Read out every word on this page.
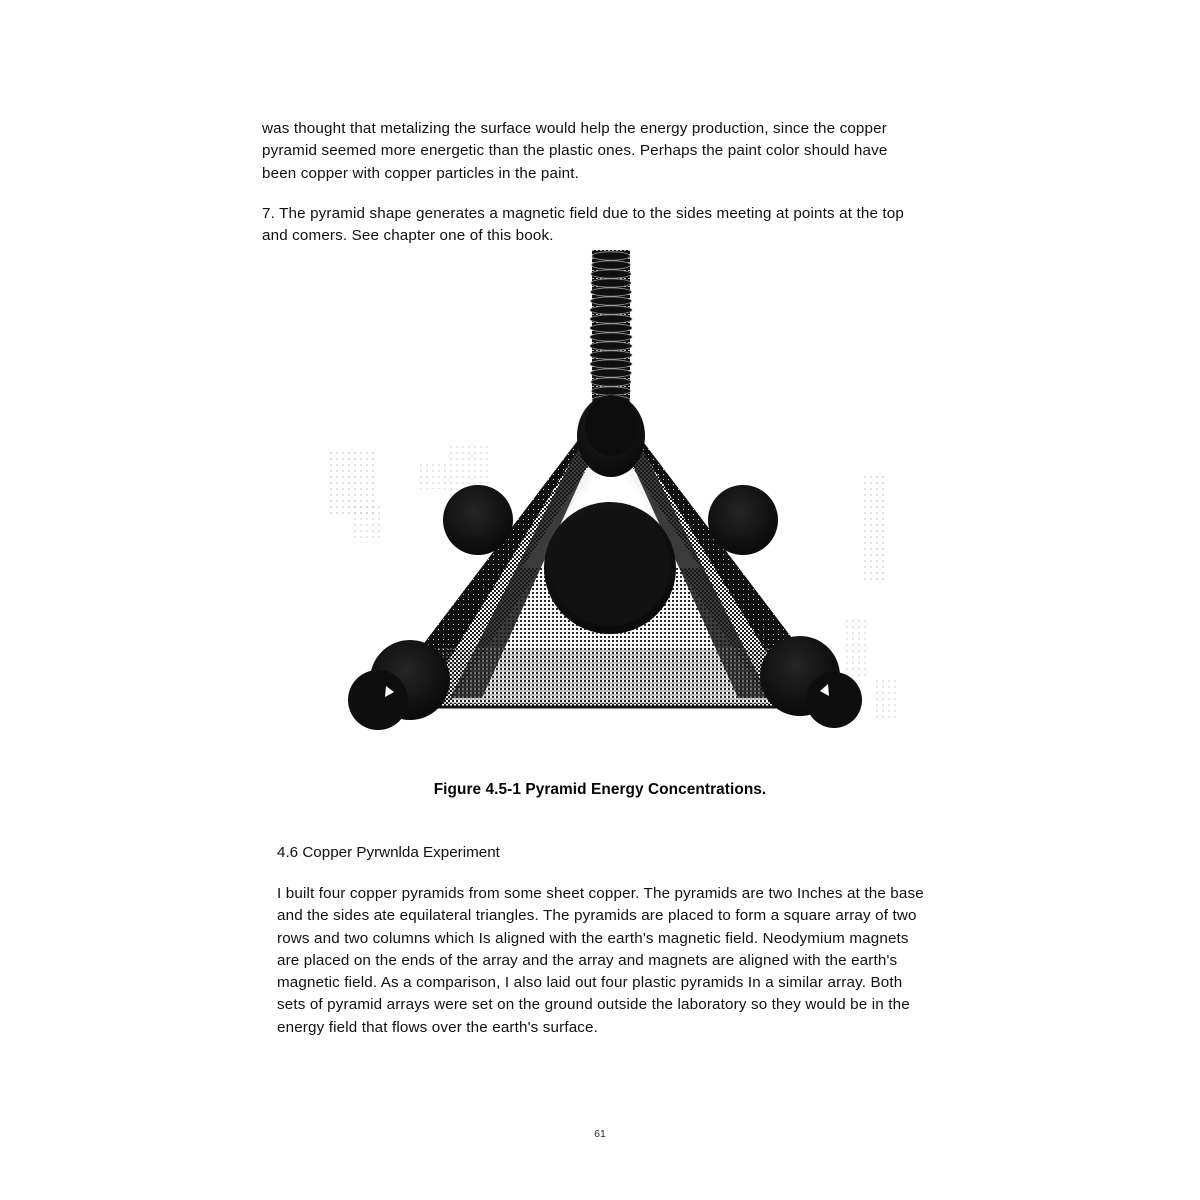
was thought that metalizing the surface would help the energy production, since the copper pyramid seemed more energetic than the plastic ones. Perhaps the paint color should have been copper with copper particles in the paint.
7. The pyramid shape generates a magnetic field due to the sides meeting at points at the top and comers. See chapter one of this book.
Figure 4.5-1 Pyramid Energy Concentrations.
4.6 Copper Pyrwnlda Experiment
I built four copper pyramids from some sheet copper. The pyramids are two Inches at the base and the sides ate equilateral triangles. The pyramids are placed to form a square array of two rows and two columns which Is aligned with the earth's magnetic field. Neodymium magnets are placed on the ends of the array and the array and magnets are aligned with the earth's magnetic field. As a comparison, I also laid out four plastic pyramids In a similar array. Both sets of pyramid arrays were set on the ground outside the laboratory so they would be in the energy field that flows over the earth's surface.
61
